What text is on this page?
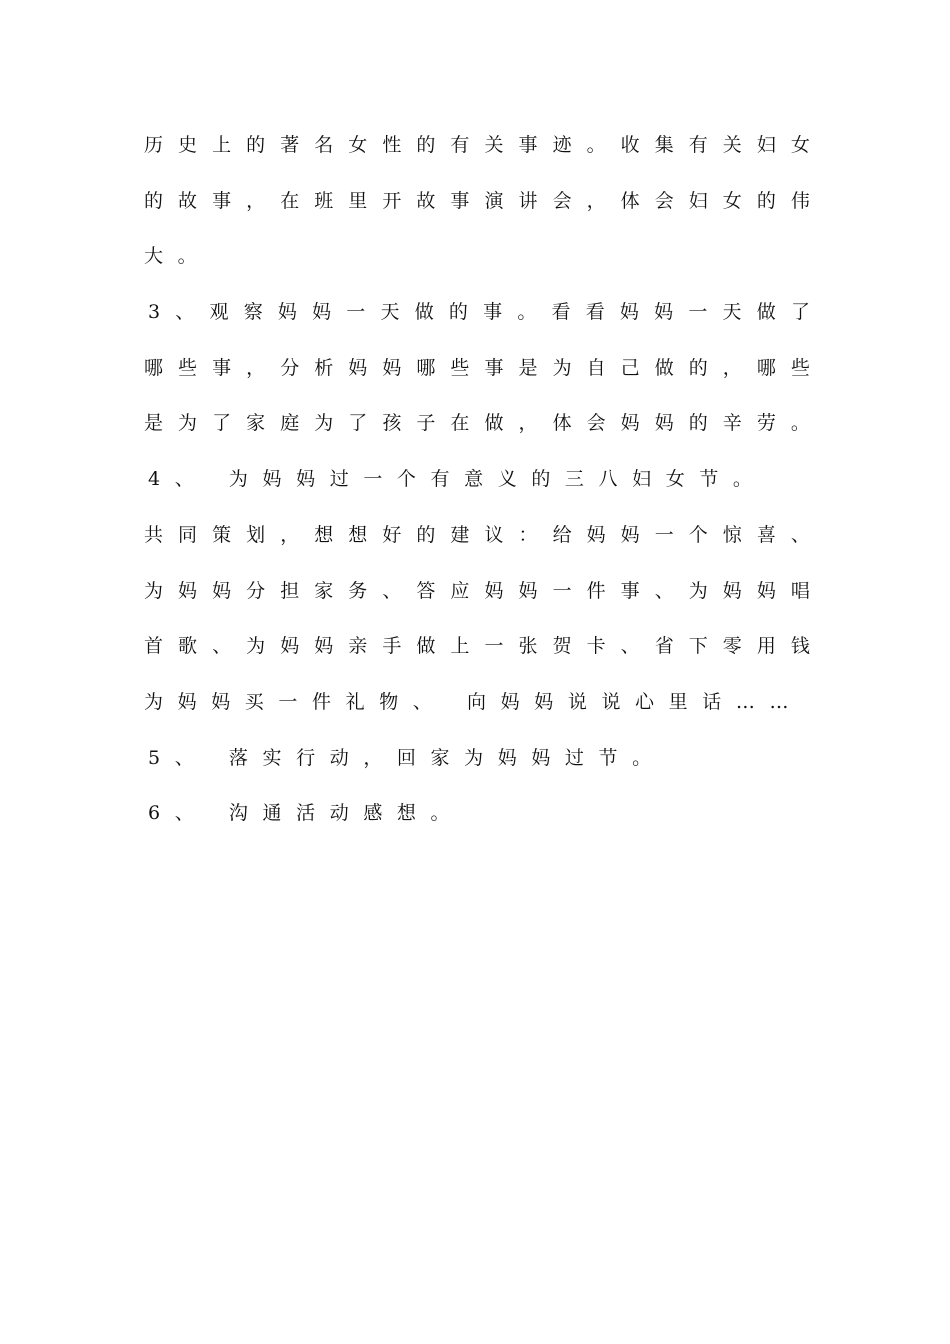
历 史 上 的 著 名 女 性 的 有 关 事 迹 。 收 集 有 关 妇 女
的 故 事 ， 在 班 里 开 故 事 演 讲 会 ， 体 会 妇 女 的 伟
大。
3 、 观 察 妈 妈 一 天 做 的 事 。 看 看 妈 妈 一 天 做 了
哪 些 事 ， 分 析 妈 妈 哪 些 事 是 为 自 己 做 的 ， 哪 些
是 为 了 家 庭 为 了 孩 子 在 做 ， 体 会 妈 妈 的 辛 劳 。
4、 为妈妈过一个有意义的三八妇女节。
共 同 策 划 ， 想 想 好 的 建 议 ： 给 妈 妈 一 个 惊 喜 、
为 妈 妈 分 担 家 务 、 答 应 妈 妈 一 件 事 、 为 妈 妈 唱
首 歌 、 为 妈 妈 亲 手 做 上 一 张 贺 卡 、 省 下 零 用 钱
为妈妈买一件礼物、 向妈妈说说心里话……
5、 落实行动，回家为妈妈过节。
6、 沟通活动感想。
